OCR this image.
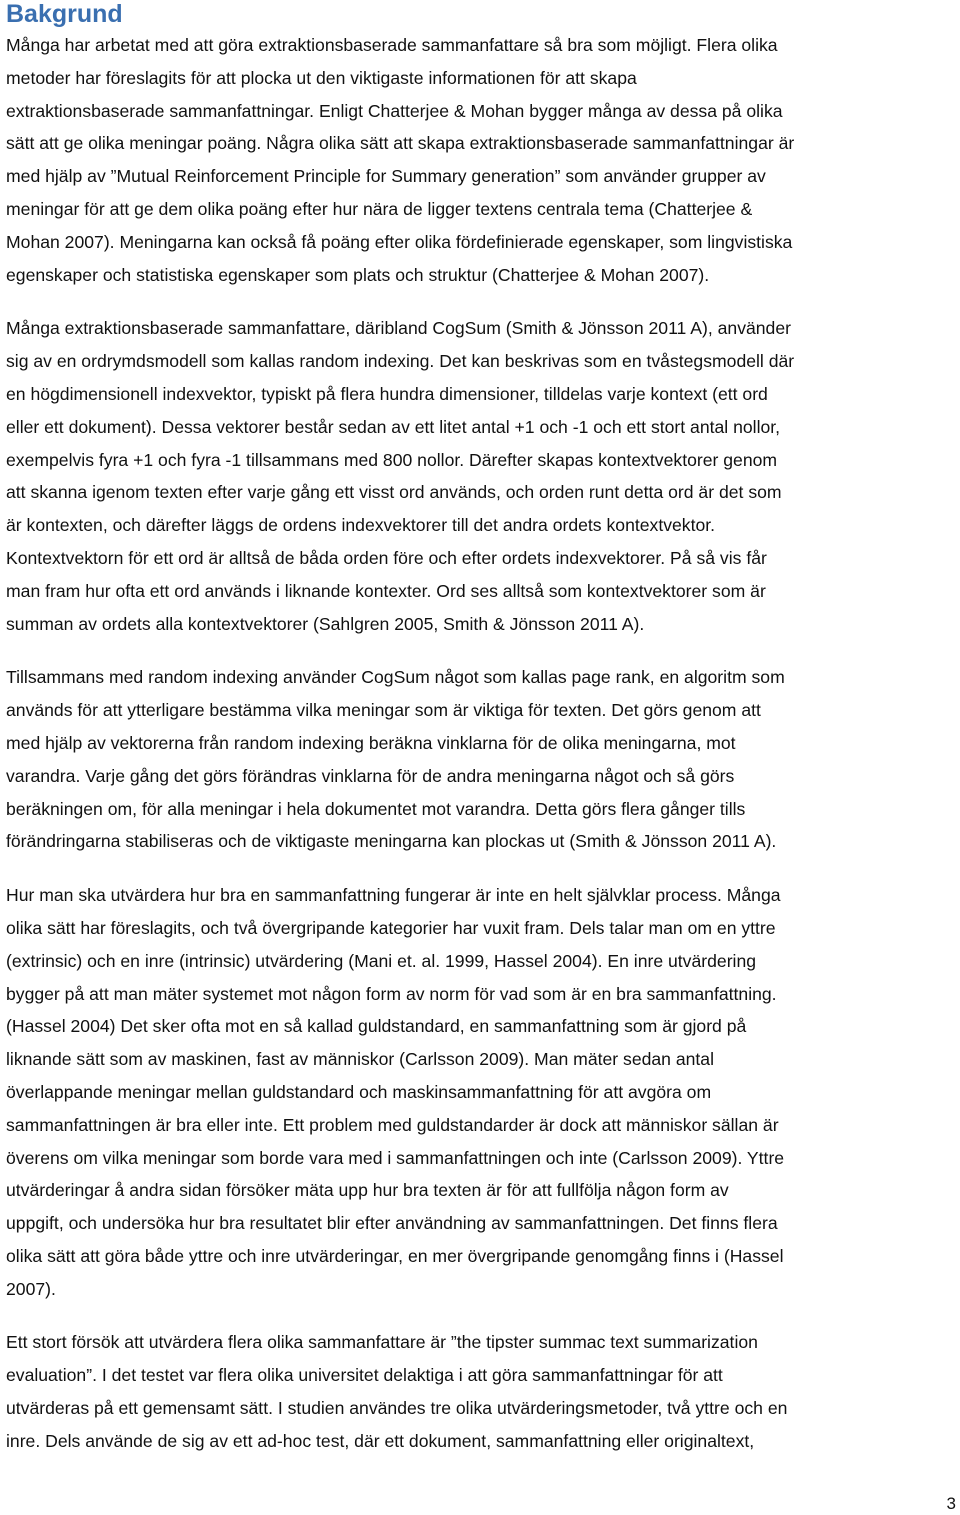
Bakgrund
Många har arbetat med att göra extraktionsbaserade sammanfattare så bra som möjligt. Flera olika
metoder har föreslagits för att plocka ut den viktigaste informationen för att skapa
extraktionsbaserade sammanfattningar. Enligt Chatterjee & Mohan bygger många av dessa på olika
sätt att ge olika meningar poäng. Några olika sätt att skapa extraktionsbaserade sammanfattningar är
med hjälp av ”Mutual Reinforcement Principle for Summary generation” som använder grupper av
meningar för att ge dem olika poäng efter hur nära de ligger textens centrala tema (Chatterjee &
Mohan 2007). Meningarna kan också få poäng efter olika fördefinierade egenskaper, som lingvistiska
egenskaper och statistiska egenskaper som plats och struktur (Chatterjee & Mohan 2007).
Många extraktionsbaserade sammanfattare, däribland CogSum (Smith & Jönsson 2011 A), använder
sig av en ordrymdsmodell som kallas random indexing. Det kan beskrivas som en tvåstegsmodell där
en högdimensionell indexvektor, typiskt på flera hundra dimensioner, tilldelas varje kontext (ett ord
eller ett dokument). Dessa vektorer består sedan av ett litet antal +1 och -1 och ett stort antal nollor,
exempelvis fyra +1 och fyra -1 tillsammans med 800 nollor. Därefter skapas kontextvektorer genom
att skanna igenom texten efter varje gång ett visst ord används, och orden runt detta ord är det som
är kontexten, och därefter läggs de ordens indexvektorer till det andra ordets kontextvektor.
Kontextvektorn för ett ord är alltså de båda orden före och efter ordets indexvektorer. På så vis får
man fram hur ofta ett ord används i liknande kontexter. Ord ses alltså som kontextvektorer som är
summan av ordets alla kontextvektorer (Sahlgren 2005, Smith & Jönsson 2011 A).
Tillsammans med random indexing använder CogSum något som kallas page rank, en algoritm som
används för att ytterligare bestämma vilka meningar som är viktiga för texten. Det görs genom att
med hjälp av vektorerna från random indexing beräkna vinklarna för de olika meningarna, mot
varandra. Varje gång det görs förändras vinklarna för de andra meningarna något och så görs
beräkningen om, för alla meningar i hela dokumentet mot varandra. Detta görs flera gånger tills
förändringarna stabiliseras och de viktigaste meningarna kan plockas ut (Smith & Jönsson 2011 A).
Hur man ska utvärdera hur bra en sammanfattning fungerar är inte en helt självklar process. Många
olika sätt har föreslagits, och två övergripande kategorier har vuxit fram. Dels talar man om en yttre
(extrinsic) och en inre (intrinsic) utvärdering (Mani et. al. 1999, Hassel 2004). En inre utvärdering
bygger på att man mäter systemet mot någon form av norm för vad som är en bra sammanfattning.
(Hassel 2004) Det sker ofta mot en så kallad guldstandard, en sammanfattning som är gjord på
liknande sätt som av maskinen, fast av människor (Carlsson 2009). Man mäter sedan antal
överlappande meningar mellan guldstandard och maskinsammanfattning för att avgöra om
sammanfattningen är bra eller inte. Ett problem med guldstandarder är dock att människor sällan är
överens om vilka meningar som borde vara med i sammanfattningen och inte (Carlsson 2009). Yttre
utvärderingar å andra sidan försöker mäta upp hur bra texten är för att fullfölja någon form av
uppgift, och undersöka hur bra resultatet blir efter användning av sammanfattningen. Det finns flera
olika sätt att göra både yttre och inre utvärderingar, en mer övergripande genomgång finns i (Hassel
2007).
Ett stort försök att utvärdera flera olika sammanfattare är ”the tipster summac text summarization
evaluation”. I det testet var flera olika universitet delaktiga i att göra sammanfattningar för att
utvärderas på ett gemensamt sätt. I studien användes tre olika utvärderingsmetoder, två yttre och en
inre. Dels använde de sig av ett ad-hoc test, där ett dokument, sammanfattning eller originaltext,
3
